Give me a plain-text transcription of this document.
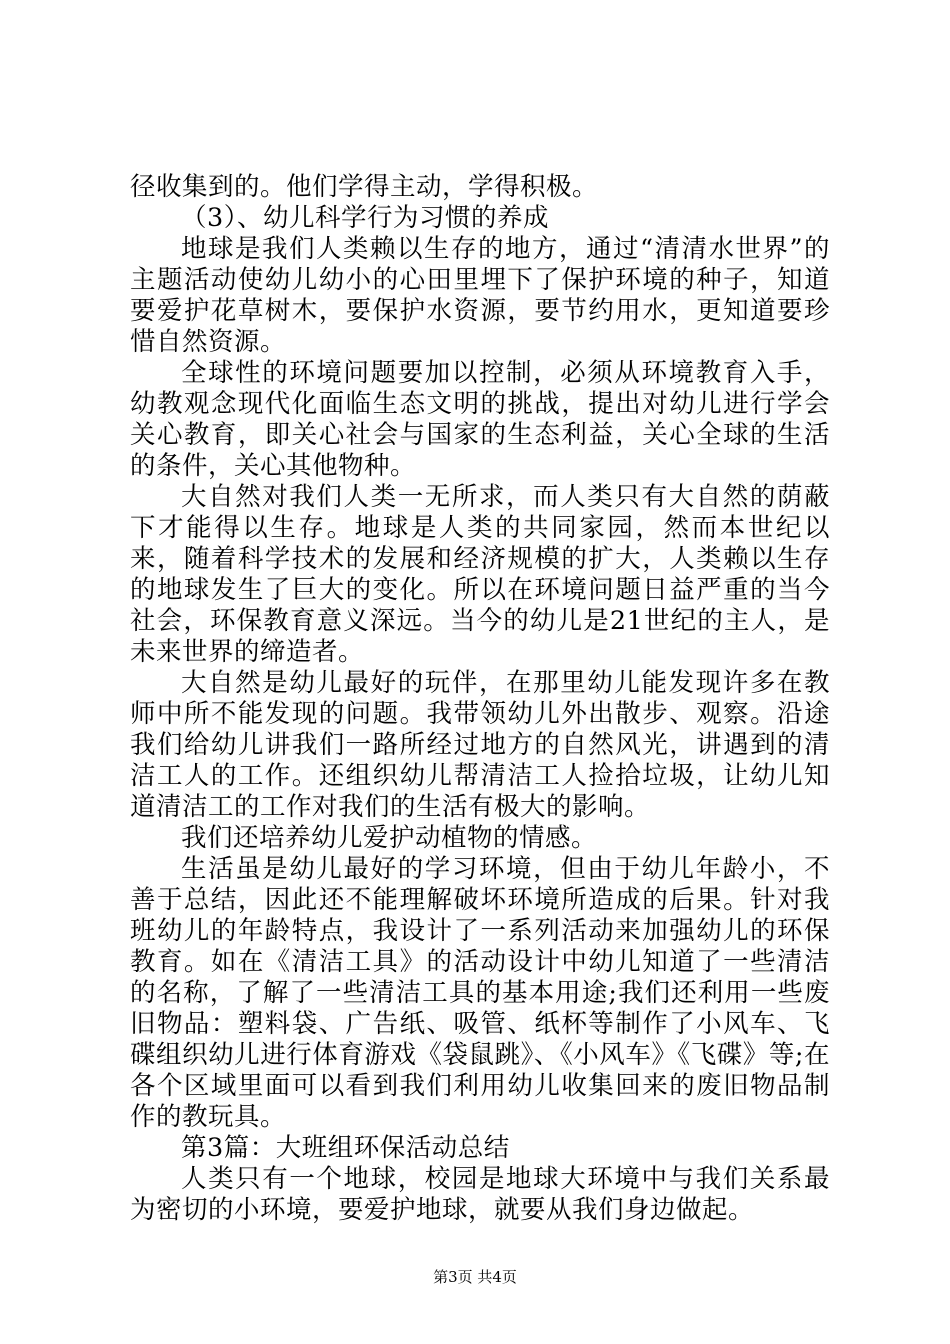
径收集到的。他们学得主动，学得积极。

（3）、幼儿科学行为习惯的养成

地球是我们人类赖以生存的地方，通过“清清水世界”的主题活动使幼儿幼小的心田里埋下了保护环境的种子，知道要爱护花草树木，要保护水资源，要节约用水，更知道要珍惜自然资源。

全球性的环境问题要加以控制，必须从环境教育入手，幼教观念现代化面临生态文明的挑战，提出对幼儿进行学会关心教育，即关心社会与国家的生态利益，关心全球的生活的条件，关心其他物种。

大自然对我们人类一无所求，而人类只有大自然的荫蔽下才能得以生存。地球是人类的共同家园，然而本世纪以来，随着科学技术的发展和经济规模的扩大，人类赖以生存的地球发生了巨大的变化。所以在环境问题日益严重的当今社会，环保教育意义深远。当今的幼儿是21世纪的主人，是未来世界的缔造者。

大自然是幼儿最好的玩伴，在那里幼儿能发现许多在教师中所不能发现的问题。我带领幼儿外出散步、观察。沿途我们给幼儿讲我们一路所经过地方的自然风光，讲遇到的清洁工人的工作。还组织幼儿帮清洁工人捡拾垃圾，让幼儿知道清洁工的工作对我们的生活有极大的影响。

我们还培养幼儿爱护动植物的情感。

生活虽是幼儿最好的学习环境，但由于幼儿年龄小，不善于总结，因此还不能理解破坏环境所造成的后果。针对我班幼儿的年龄特点，我设计了一系列活动来加强幼儿的环保教育。如在《清洁工具》的活动设计中幼儿知道了一些清洁的名称，了解了一些清洁工具的基本用途;我们还利用一些废旧物品：塑料袋、广告纸、吸管、纸杯等制作了小风车、飞碟组织幼儿进行体育游戏《袋鼠跳》、《小风车》《飞碟》等;在各个区域里面可以看到我们利用幼儿收集回来的废旧物品制作的教玩具。

第3篇：大班组环保活动总结

人类只有一个地球，校园是地球大环境中与我们关系最为密切的小环境，要爱护地球，就要从我们身边做起。

第3页 共4页
